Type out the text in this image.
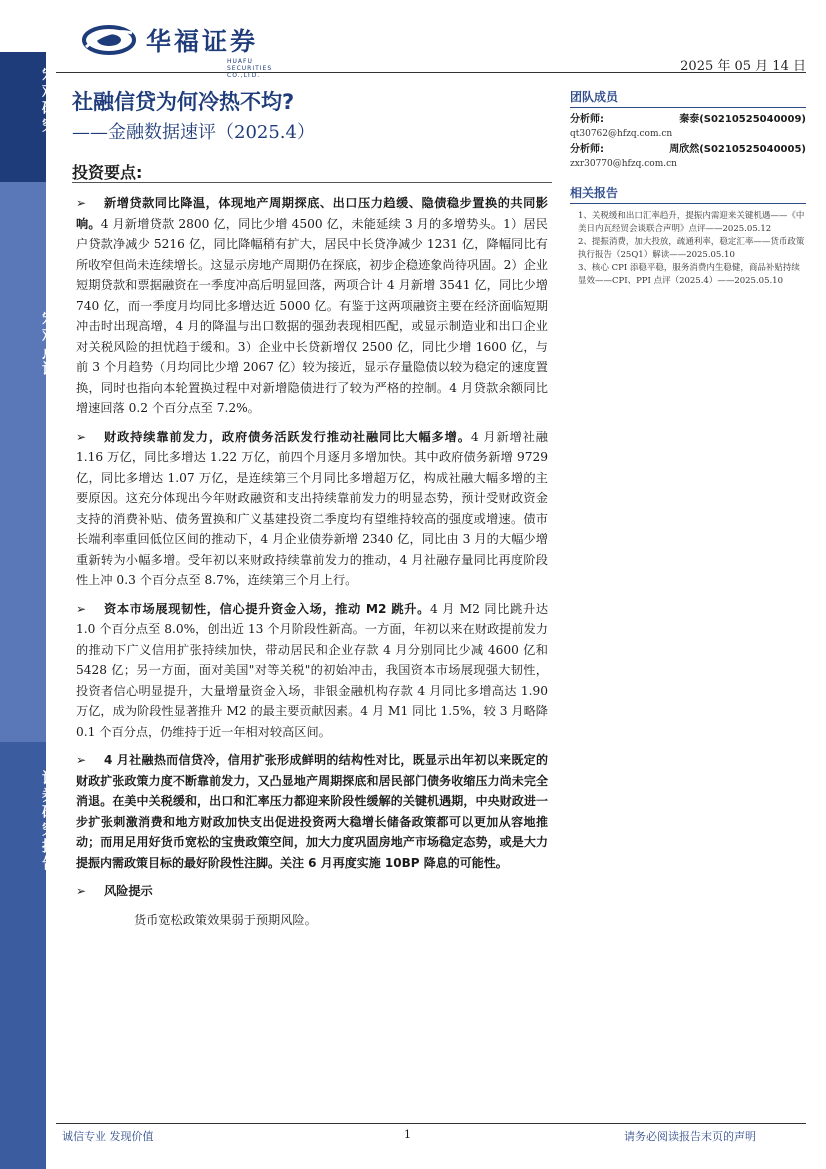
宏观研究
宏观点评
证券研究报告
华福证券
HUAFU SECURITIES CO.,LTD.
2025 年 05 月 14 日
社融信贷为何冷热不均?
——金融数据速评（2025.4）
投资要点:
➢ 新增贷款同比降温，体现地产周期探底、出口压力趋缓、隐债稳步置换的共同影响。4 月新增贷款 2800 亿，同比少增 4500 亿，未能延续 3 月的多增势头。1）居民户贷款净减少 5216 亿，同比降幅稍有扩大，居民中长贷净减少 1231 亿，降幅同比有所收窄但尚未连续增长。这显示房地产周期仍在探底，初步企稳迹象尚待巩固。2）企业短期贷款和票据融资在一季度冲高后明显回落，两项合计 4 月新增 3541 亿，同比少增 740 亿，而一季度月均同比多增达近 5000 亿。有鉴于这两项融资主要在经济面临短期冲击时出现高增，4 月的降温与出口数据的强劲表现相匹配，或显示制造业和出口企业对关税风险的担忧趋于缓和。3）企业中长贷新增仅 2500 亿，同比少增 1600 亿，与前 3 个月趋势（月均同比少增 2067 亿）较为接近，显示存量隐债以较为稳定的速度置换，同时也指向本轮置换过程中对新增隐债进行了较为严格的控制。4 月贷款余额同比增速回落 0.2 个百分点至 7.2%。
➢ 财政持续靠前发力，政府债务活跃发行推动社融同比大幅多增。4 月新增社融 1.16 万亿，同比多增达 1.22 万亿，前四个月逐月多增加快。其中政府债务新增 9729 亿，同比多增达 1.07 万亿，是连续第三个月同比多增超万亿，构成社融大幅多增的主要原因。这充分体现出今年财政融资和支出持续靠前发力的明显态势，预计受财政资金支持的消费补贴、债务置换和广义基建投资二季度均有望维持较高的强度或增速。债市长端利率重回低位区间的推动下，4 月企业债券新增 2340 亿，同比由 3 月的大幅少增重新转为小幅多增。受年初以来财政持续靠前发力的推动，4 月社融存量同比再度阶段性上冲 0.3 个百分点至 8.7%，连续第三个月上行。
➢ 资本市场展现韧性，信心提升资金入场，推动 M2 跳升。4 月 M2 同比跳升达 1.0 个百分点至 8.0%，创出近 13 个月阶段性新高。一方面，年初以来在财政提前发力的推动下广义信用扩张持续加快，带动居民和企业存款 4 月分别同比少减 4600 亿和 5428 亿；另一方面，面对美国"对等关税"的初始冲击，我国资本市场展现强大韧性，投资者信心明显提升，大量增量资金入场，非银金融机构存款 4 月同比多增高达 1.90 万亿，成为阶段性显著推升 M2 的最主要贡献因素。4 月 M1 同比 1.5%，较 3 月略降 0.1 个百分点，仍维持于近一年相对较高区间。
➢ 4 月社融热而信贷冷，信用扩张形成鲜明的结构性对比，既显示出年初以来既定的财政扩张政策力度不断靠前发力，又凸显地产周期探底和居民部门债务收缩压力尚未完全消退。在美中关税缓和，出口和汇率压力都迎来阶段性缓解的关键机遇期，中央财政进一步扩张刺激消费和地方财政加快支出促进投资两大稳增长储备政策都可以更加从容地推动；而用足用好货币宽松的宝贵政策空间，加大力度巩固房地产市场稳定态势，或是大力提振内需政策目标的最好阶段性注脚。关注 6 月再度实施 10BP 降息的可能性。
➢ 风险提示
货币宽松政策效果弱于预期风险。
团队成员
分析师:	秦泰(S0210525040009)
qt30762@hfzq.com.cn
分析师:	周欣然(S0210525040005)
zxr30770@hfzq.com.cn
相关报告
1、关税缓和出口汇率趋升，提振内需迎来关键机遇——《中美日内瓦经贸会谈联合声明》点评——2025.05.12
2、提振消费，加大投放，疏通利率，稳定汇率——货币政策执行报告（25Q1）解读——2025.05.10
3、核心 CPI 添稳平稳，服务消费内生稳健，商品补贴持续显效——CPI、PPI 点评（2025.4）——2025.05.10
诚信专业 发现价值	1	请务必阅读报告末页的声明
